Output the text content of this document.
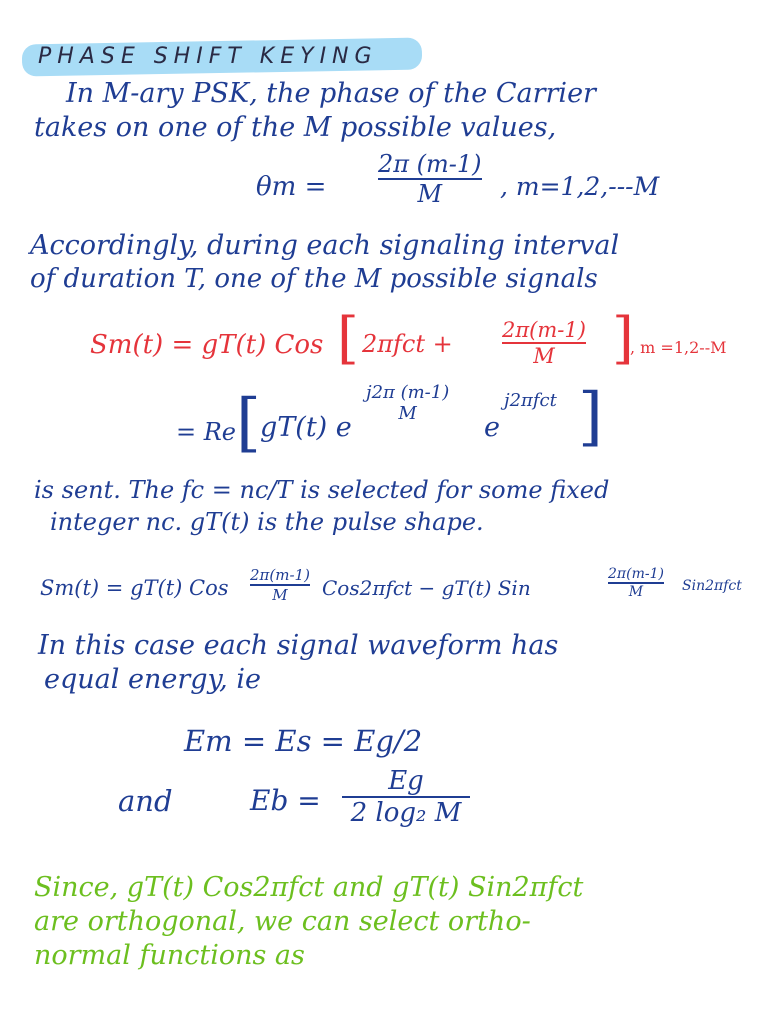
PHASE SHIFT KEYING
In M-ary PSK, the phase of the Carrier
takes on one of the M possible values,
θm =
2π (m-1)
M , m=1,2,---M
Accordingly, during each signaling interval
of duration T, one of the M possible signals
Sm(t) = gT(t) Cos [ 2πfct + 2π(m-1)
M ]
, m =1,2--M
= Re [ gT(t) e
j2π (m-1)
M e
j2πfct ]
is sent. The fc = nc/T is selected for some fixed
integer nc. gT(t) is the pulse shape.
Sm(t) = gT(t) Cos
2π(m-1)
M Cos2πfct − gT(t) Sin
2π(m-1)
M	Sin2πfct
In this case each signal waveform has
equal energy, ie
Em = Es = Eg/2
and	Eb =
Eg
2 log₂ M
Since, gT(t) Cos2πfct and gT(t) Sin2πfct
are orthogonal, we can select ortho-
normal functions as
